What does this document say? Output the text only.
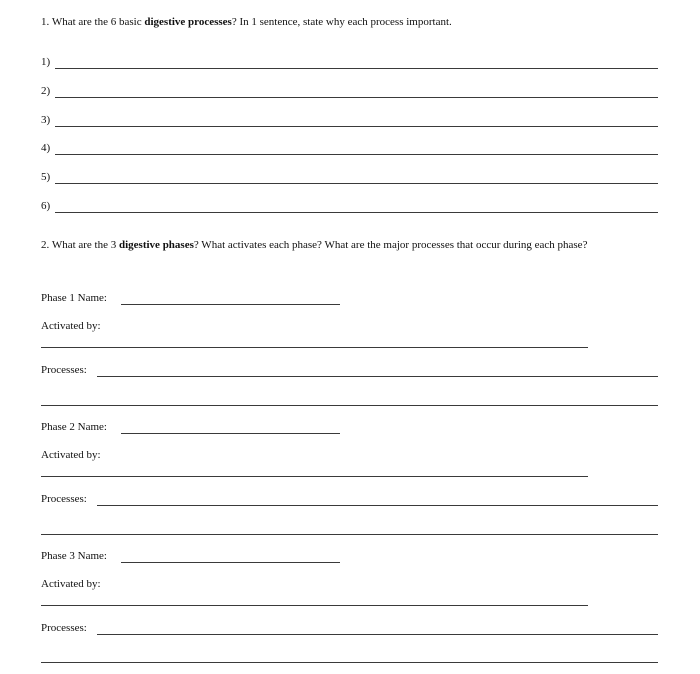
1. What are the 6 basic digestive processes? In 1 sentence, state why each process important.
1)
2)
3)
4)
5)
6)
2. What are the 3 digestive phases? What activates each phase? What are the major processes that occur during each phase?
Phase 1 Name:
Activated by:
Processes:
Phase 2 Name:
Activated by:
Processes:
Phase 3 Name:
Activated by:
Processes:
